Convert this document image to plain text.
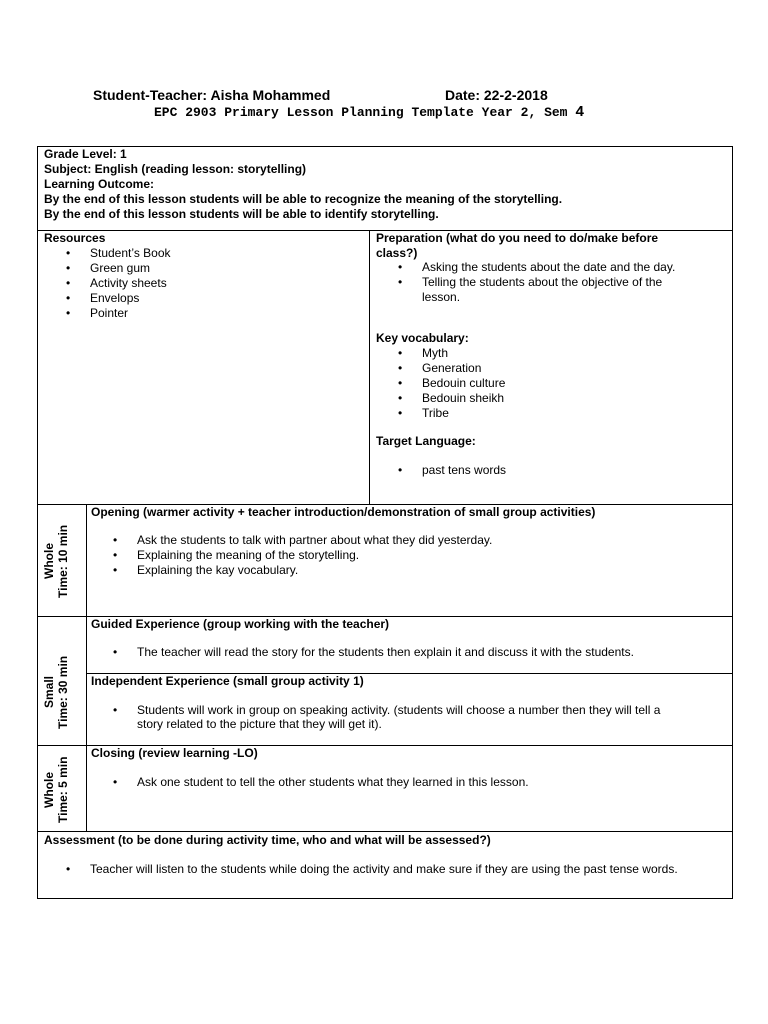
Student-Teacher: Aisha Mohammed	Date: 22-2-2018
EPC 2903 Primary Lesson Planning Template Year 2, Sem 4
Grade Level: 1
Subject: English (reading lesson: storytelling)
Learning Outcome:
By the end of this lesson students will be able to recognize the meaning of the storytelling.
By the end of this lesson students will be able to identify storytelling.
Resources
• Student’s Book
• Green gum
• Activity sheets
• Envelops
• Pointer
Preparation (what do you need to do/make before
class?)
• Asking the students about the date and the day.
• Telling the students about the objective of the
lesson.
Key vocabulary:
• Myth
• Generation
• Bedouin culture
• Bedouin sheikh
• Tribe
Target Language:
• past tens words
Whole
Time: 10 min
Opening (warmer activity + teacher introduction/demonstration of small group activities)
• Ask the students to talk with partner about what they did yesterday.
• Explaining the meaning of the storytelling.
• Explaining the kay vocabulary.
Small
Time: 30 min
Guided Experience (group working with the teacher)
• The teacher will read the story for the students then explain it and discuss it with the students.
Independent Experience (small group activity 1)
• Students will work in group on speaking activity. (students will choose a number then they will tell a
story related to the picture that they will get it).
Whole
Time: 5 min
Closing (review learning -LO)
• Ask one student to tell the other students what they learned in this lesson.
Assessment (to be done during activity time, who and what will be assessed?)
• Teacher will listen to the students while doing the activity and make sure if they are using the past tense words.
